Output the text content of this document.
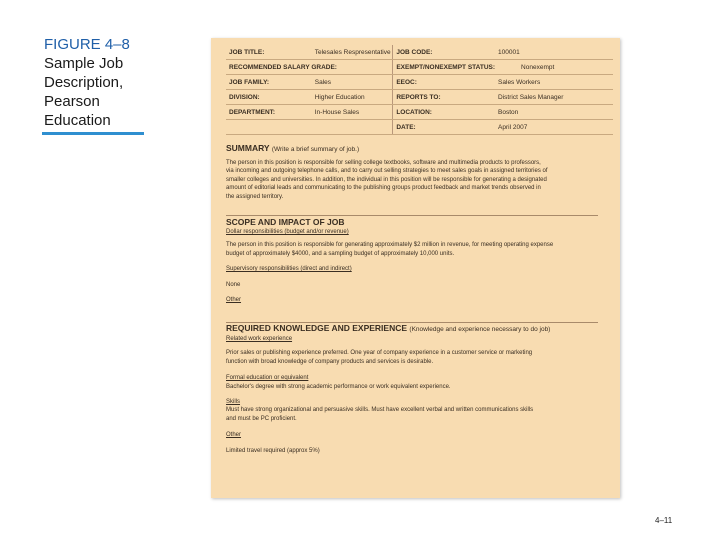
FIGURE 4–8
Sample Job
Description,
Pearson
Education
JOB TITLE:	Telesales Respresentative	JOB CODE:	100001
RECOMMENDED SALARY GRADE:		EXEMPT/NONEXEMPT STATUS:	Nonexempt
JOB FAMILY:	Sales	EEOC:	Sales Workers
DIVISION:	Higher Education	REPORTS TO:	District Sales Manager
DEPARTMENT:	In-House Sales	LOCATION:	Boston
		DATE:	April 2007
SUMMARY (Write a brief summary of job.)
The person in this position is responsible for selling college textbooks, software and multimedia products to professors,
via incoming and outgoing telephone calls, and to carry out selling strategies to meet sales goals in assigned territories of
smaller colleges and universities. In addition, the individual in this position will be responsible for generating a designated
amount of editorial leads and communicating to the publishing groups product feedback and market trends observed in
the assigned territory.
SCOPE AND IMPACT OF JOB
Dollar responsibilities (budget and/or revenue)
The person in this position is responsible for generating approximately $2 million in revenue, for meeting operating expense
budget of approximately $4000, and a sampling budget of approximately 10,000 units.
Supervisory responsibilities (direct and indirect)
None
Other
REQUIRED KNOWLEDGE AND EXPERIENCE (Knowledge and experience necessary to do job)
Related work experience
Prior sales or publishing experience preferred. One year of company experience in a customer service or marketing
function with broad knowledge of company products and services is desirable.
Formal education or equivalent
Bachelor's degree with strong academic performance or work equivalent experience.
Skills
Must have strong organizational and persuasive skills. Must have excellent verbal and written communications skills
and must be PC proficient.
Other
Limited travel required (approx 5%)
4–11
